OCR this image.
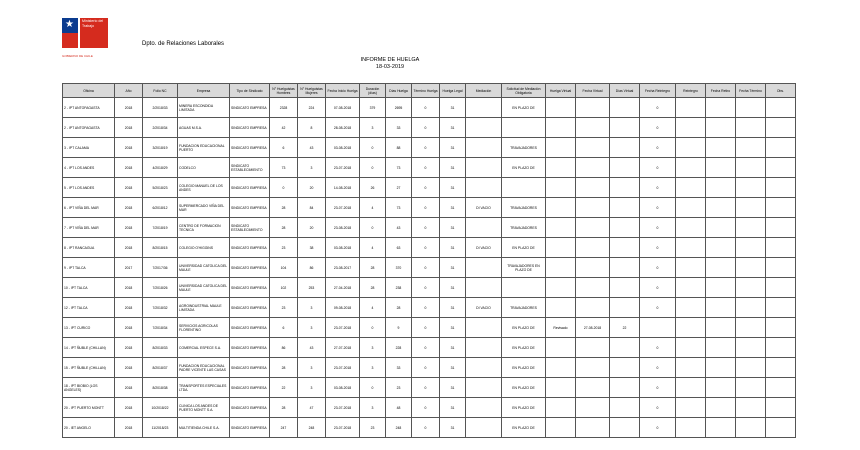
★	Ministerio del Trabajo
GOBIERNO DE CHILE
Dpto. de Relaciones Laborales
INFORME DE HUELGA
18-03-2019
Oficina	Año	Folio NC	Empresa	Tipo de Sindicato	N° Huelguistas Hombres	N° Huelguistas Mujeres	Fecha Inicio Huelga	Duración (días)	Días Huelga	Término Huelga	Huelga Legal	Mediación	Solicitud de Mediación Obligatoria	Huelga Virtual	Fecha Virtual	Días Virtual	Fecha Reintegro	Reintegro	Fecha Retiro	Fecha Término	Obs.
2 - IPT ANTOFAGASTA	2018	2/2018/33	MINERA ESCONDIDA LIMITADA	SINDICATO EMPRESA	2328	224	07-08-2018	379	2695	0	31		EN PLAZO DE				0				
2 - IPT ANTOFAGASTA	2018	2/2018/34	AGUAS M.S.A.	SINDICATO EMPRESA	42	8	28-08-2018	3	33	0	31						0				
3 - IPT CALAMA	2018	3/2018/19	FUNDACION EDUCACIONAL PUERTO	SINDICATO EMPRESA	6	43	03-08-2018	0	88	0	31		TRAVAJADORES				0				
4 - IPT LOS ANDES	2018	4/2018/29	CODELCO	SINDICATO ESTABLECIMIENTO	73	3	23-07-2018	0	73	0	31		EN PLAZO DE				0				
5 - IPT LOS ANDES	2018	5/2018/23	COLEGIO MANUEL DE LOS ANDES	SINDICATO EMPRESA	0	20	14-08-2018	26	27	0	31						0				
6 - IPT VIÑA DEL MAR	2018	6/2018/12	SUPERMERCADO VIÑA DEL MAR	SINDICATO EMPRESA	28	84	23-07-2018	4	73	0	31	DI VACIO	TRAVAJADORES				0				
7 - IPT VIÑA DEL MAR	2018	7/2018/19	CENTRO DE FORMACION TECNICA	SINDICATO ESTABLECIMIENTO	28	20	23-08-2018	0	43	0	31		TRAVAJADORES				0				
8 - IPT RANCAGUA	2018	8/2018/15	COLEGIO O'HIGGINS	SINDICATO EMPRESA	23	38	03-08-2018	4	63	0	31	DI VACIO	EN PLAZO DE				0				
9 - IPT TALCA	2017	7/2017/36	UNIVERSIDAD CATOLICA DEL MAULE	SINDICATO EMPRESA	104	86	23-08-2017	28	370	0	31		TRAVAJADORES EN PLAZO DE				0				
10 - IPT TALCA	2018	7/2018/26	UNIVERSIDAD CATOLICA DEL MAULE	SINDICATO EMPRESA	102	253	27-04-2018	28	238	0	31						0				
12 - IPT TALCA	2018	7/2018/32	AGROINDUSTRIAL MAULE LIMITADA	SINDICATO EMPRESA	23	3	09-08-2018	4	28	0	31	DI VACIO	TRAVAJADORES				0				
13 - IPT CURICO	2018	7/2018/34	SERVICIOS AGRICOLAS FLORENTINO	SINDICATO EMPRESA	6	3	23-07-2018	0	9	0	31		EN PLAZO DE	Revisado	27-08-2018	22					
14 - IPT ÑUBLE (CHILLAN)	2018	8/2018/33	COMERCIAL ESPECE S.A.	SINDICATO EMPRESA	86	43	27-07-2018	3	228	0	31		EN PLAZO DE				0				
15 - IPT ÑUBLE (CHILLAN)	2018	8/2018/37	FUNDACION EDUCACIONAL PADRE VICENTE LAS CASAS	SINDICATO EMPRESA	28	3	23-07-2018	3	33	0	31		EN PLAZO DE				0				
18 - IPT BIOBIO (LOS ANGELES)	2018	8/2018/38	TRANSPORTES ESPECIALES LTDA.	SINDICATO EMPRESA	22	3	03-08-2018	0	23	0	31		EN PLAZO DE				0				
20 - IPT PUERTO MONTT	2018	10/2018/22	CLINICA LOS ANDES DE PUERTO MONTT S.A.	SINDICATO EMPRESA	28	47	23-07-2018	3	48	0	31		EN PLAZO DE				0				
20 - IET ANGELO	2018	11/2018/23	MULTITIENDA CHILE S.A.	SINDICATO EMPRESA	247	248	23-07-2018	23	248	0	31		EN PLAZO DE				0				
